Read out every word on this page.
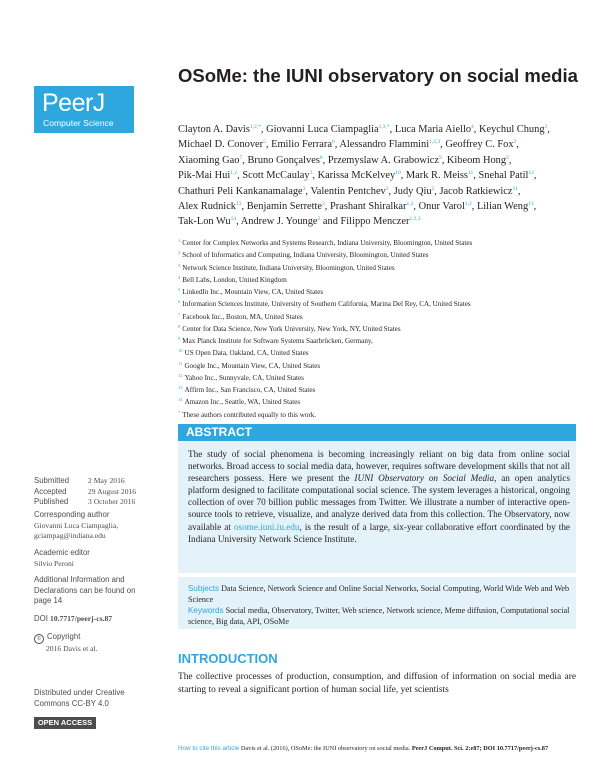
PeerJ
Computer Science
OSoMe: the IUNI observatory on social media
Clayton A. Davis$^{1,2,*}$, Giovanni Luca Ciampaglia$^{1,3,*}$, Luca Maria Aiello$^4$, Keychul Chung$^2$, Michael D. Conover$^5$, Emilio Ferrara$^6$, Alessandro Flammini$^{1,2,3}$, Geoffrey C. Fox$^2$, Xiaoming Gao$^7$, Bruno Gonçalves$^8$, Przemyslaw A. Grabowicz$^9$, Kibeom Hong$^2$, Pik-Mai Hui$^{1,2}$, Scott McCaulay$^3$, Karissa McKelvey$^{10}$, Mark R. Meiss$^{11}$, Snehal Patil$^{12}$, Chathuri Peli Kankanamalage$^3$, Valentin Pentchev$^3$, Judy Qiu$^2$, Jacob Ratkiewicz$^{11}$, Alex Rudnick$^{13}$, Benjamin Serrette$^3$, Prashant Shiralkar$^{1,2}$, Onur Varol$^{1,2}$, Lilian Weng$^{13}$, Tak-Lon Wu$^{14}$, Andrew J. Younge$^2$ and Filippo Menczer$^{1,2,3}$
$^1$ Center for Complex Networks and Systems Research, Indiana University, Bloomington, United States
$^2$ School of Informatics and Computing, Indiana University, Bloomington, United States
$^3$ Network Science Institute, Indiana University, Bloomington, United States
$^4$ Bell Labs, London, United Kingdom
$^5$ LinkedIn Inc., Mountain View, CA, United States
$^6$ Information Sciences Institute, University of Southern California, Marina Del Rey, CA, United States
$^7$ Facebook Inc., Boston, MA, United States
$^8$ Center for Data Science, New York University, New York, NY, United States
$^9$ Max Planck Institute for Software Systems Saarbrücken, Germany,
$^{10}$ US Open Data, Oakland, CA, United States
$^{11}$ Google Inc., Mountain View, CA, United States
$^{12}$ Yahoo Inc., Sunnyvale, CA, United States
$^{13}$ Affirm Inc., San Francisco, CA, United States
$^{14}$ Amazon Inc., Seattle, WA, United States
* These authors contributed equally to this work.
Submitted 2 May 2016
Accepted	29 August 2016
Published	3 October 2016
Corresponding author
Giovanni Luca Ciampaglia,
gciampag@indiana.edu
Academic editor
Silvio Peroni
Additional Information and Declarations can be found on page 14
DOI 10.7717/peerj-cs.87
© Copyright
2016 Davis et al.
Distributed under Creative Commons CC-BY 4.0
OPEN ACCESS
ABSTRACT
The study of social phenomena is becoming increasingly reliant on big data from online social networks. Broad access to social media data, however, requires software development skills that not all researchers possess. Here we present the IUNI Observatory on Social Media, an open analytics platform designed to facilitate computational social science. The system leverages a historical, ongoing collection of over 70 billion public messages from Twitter. We illustrate a number of interactive open-source tools to retrieve, visualize, and analyze derived data from this collection. The Observatory, now available at osome.iuni.iu.edu, is the result of a large, six-year collaborative effort coordinated by the Indiana University Network Science Institute.
Subjects Data Science, Network Science and Online Social Networks, Social Computing, World Wide Web and Web Science
Keywords Social media, Observatory, Twitter, Web science, Network science, Meme diffusion, Computational social science, Big data, API, OSoMe
INTRODUCTION
The collective processes of production, consumption, and diffusion of information on social media are starting to reveal a significant portion of human social life, yet scientists
How to cite this article Davis et al. (2016), OSoMe: the IUNI observatory on social media. PeerJ Comput. Sci. 2:e87; DOI 10.7717/peerj-cs.87
